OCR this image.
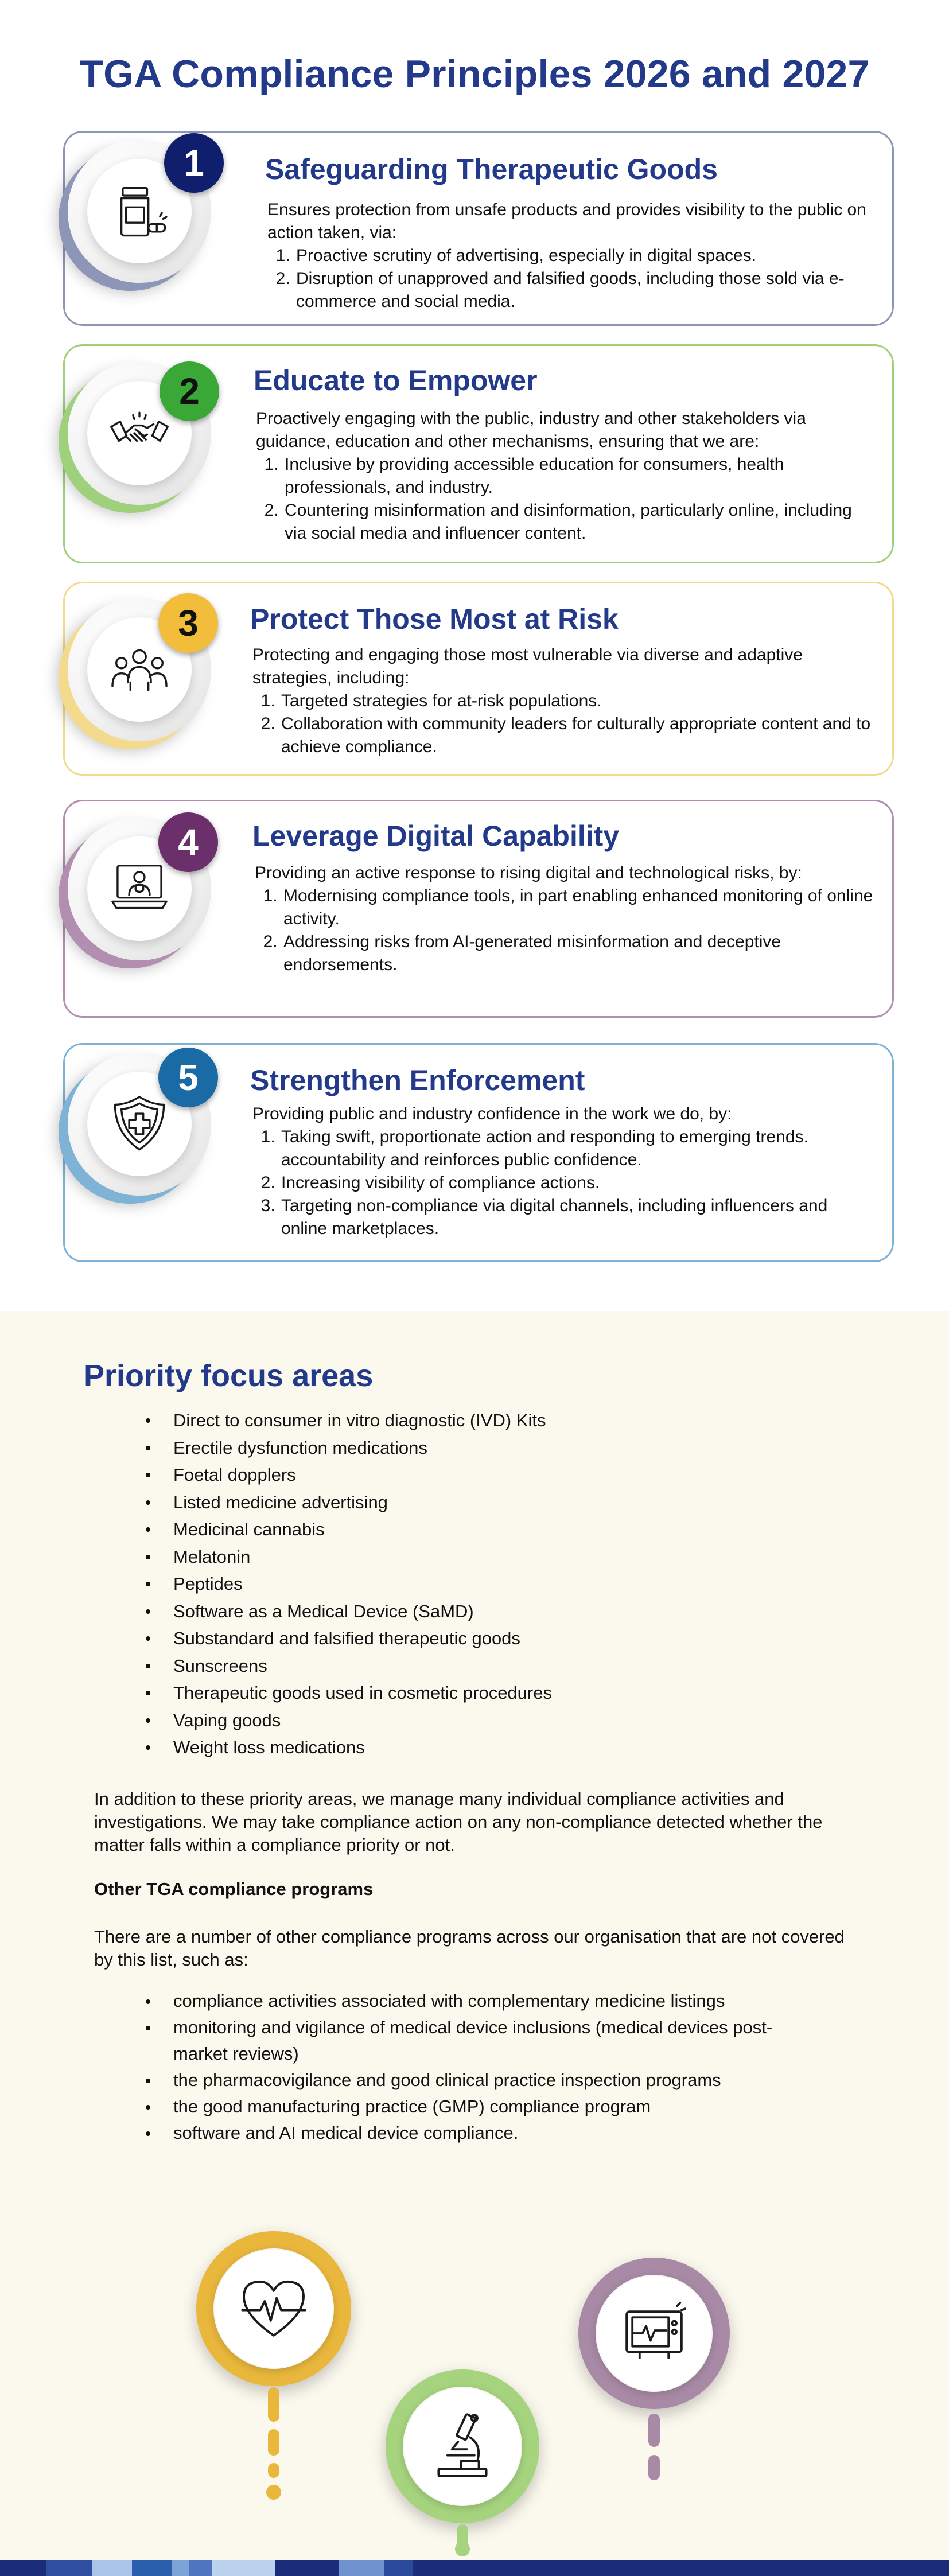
TGA Compliance Principles 2026 and 2027
1	Safeguarding Therapeutic Goods

Ensures protection from unsafe products and provides visibility to the public on action taken, via:

1. Proactive scrutiny of advertising, especially in digital spaces.
2. Disruption of unapproved and falsified goods, including those sold via e-commerce and social media.
2	Educate to Empower

Proactively engaging with the public, industry and other stakeholders via guidance, education and other mechanisms, ensuring that we are:

1. Inclusive by providing accessible education for consumers, health professionals, and industry.
2. Countering misinformation and disinformation, particularly online, including via social media and influencer content.
3	Protect Those Most at Risk

Protecting and engaging those most vulnerable via diverse and adaptive strategies, including:

1. Targeted strategies for at-risk populations.
2. Collaboration with community leaders for culturally appropriate content and to achieve compliance.
4	Leverage Digital Capability

Providing an active response to rising digital and technological risks, by:

1. Modernising compliance tools, in part enabling enhanced monitoring of online activity.
2. Addressing risks from AI-generated misinformation and deceptive endorsements.
5	Strengthen Enforcement

Providing public and industry confidence in the work we do, by:

1. Taking swift, proportionate action and responding to emerging trends. accountability and reinforces public confidence.
2. Increasing visibility of compliance actions.
3. Targeting non-compliance via digital channels, including influencers and online marketplaces.
Priority focus areas
Direct to consumer in vitro diagnostic (IVD) Kits
Erectile dysfunction medications
Foetal dopplers
Listed medicine advertising
Medicinal cannabis
Melatonin
Peptides
Software as a Medical Device (SaMD)
Substandard and falsified therapeutic goods
Sunscreens
Therapeutic goods used in cosmetic procedures
Vaping goods
Weight loss medications

In addition to these priority areas, we manage many individual compliance activities and investigations. We may take compliance action on any non-compliance detected whether the matter falls within a compliance priority or not.

Other TGA compliance programs

There are a number of other compliance programs across our organisation that are not covered by this list, such as:

compliance activities associated with complementary medicine listings
monitoring and vigilance of medical device inclusions (medical devices post-market reviews)
the pharmacovigilance and good clinical practice inspection programs
the good manufacturing practice (GMP) compliance program
software and AI medical device compliance.
